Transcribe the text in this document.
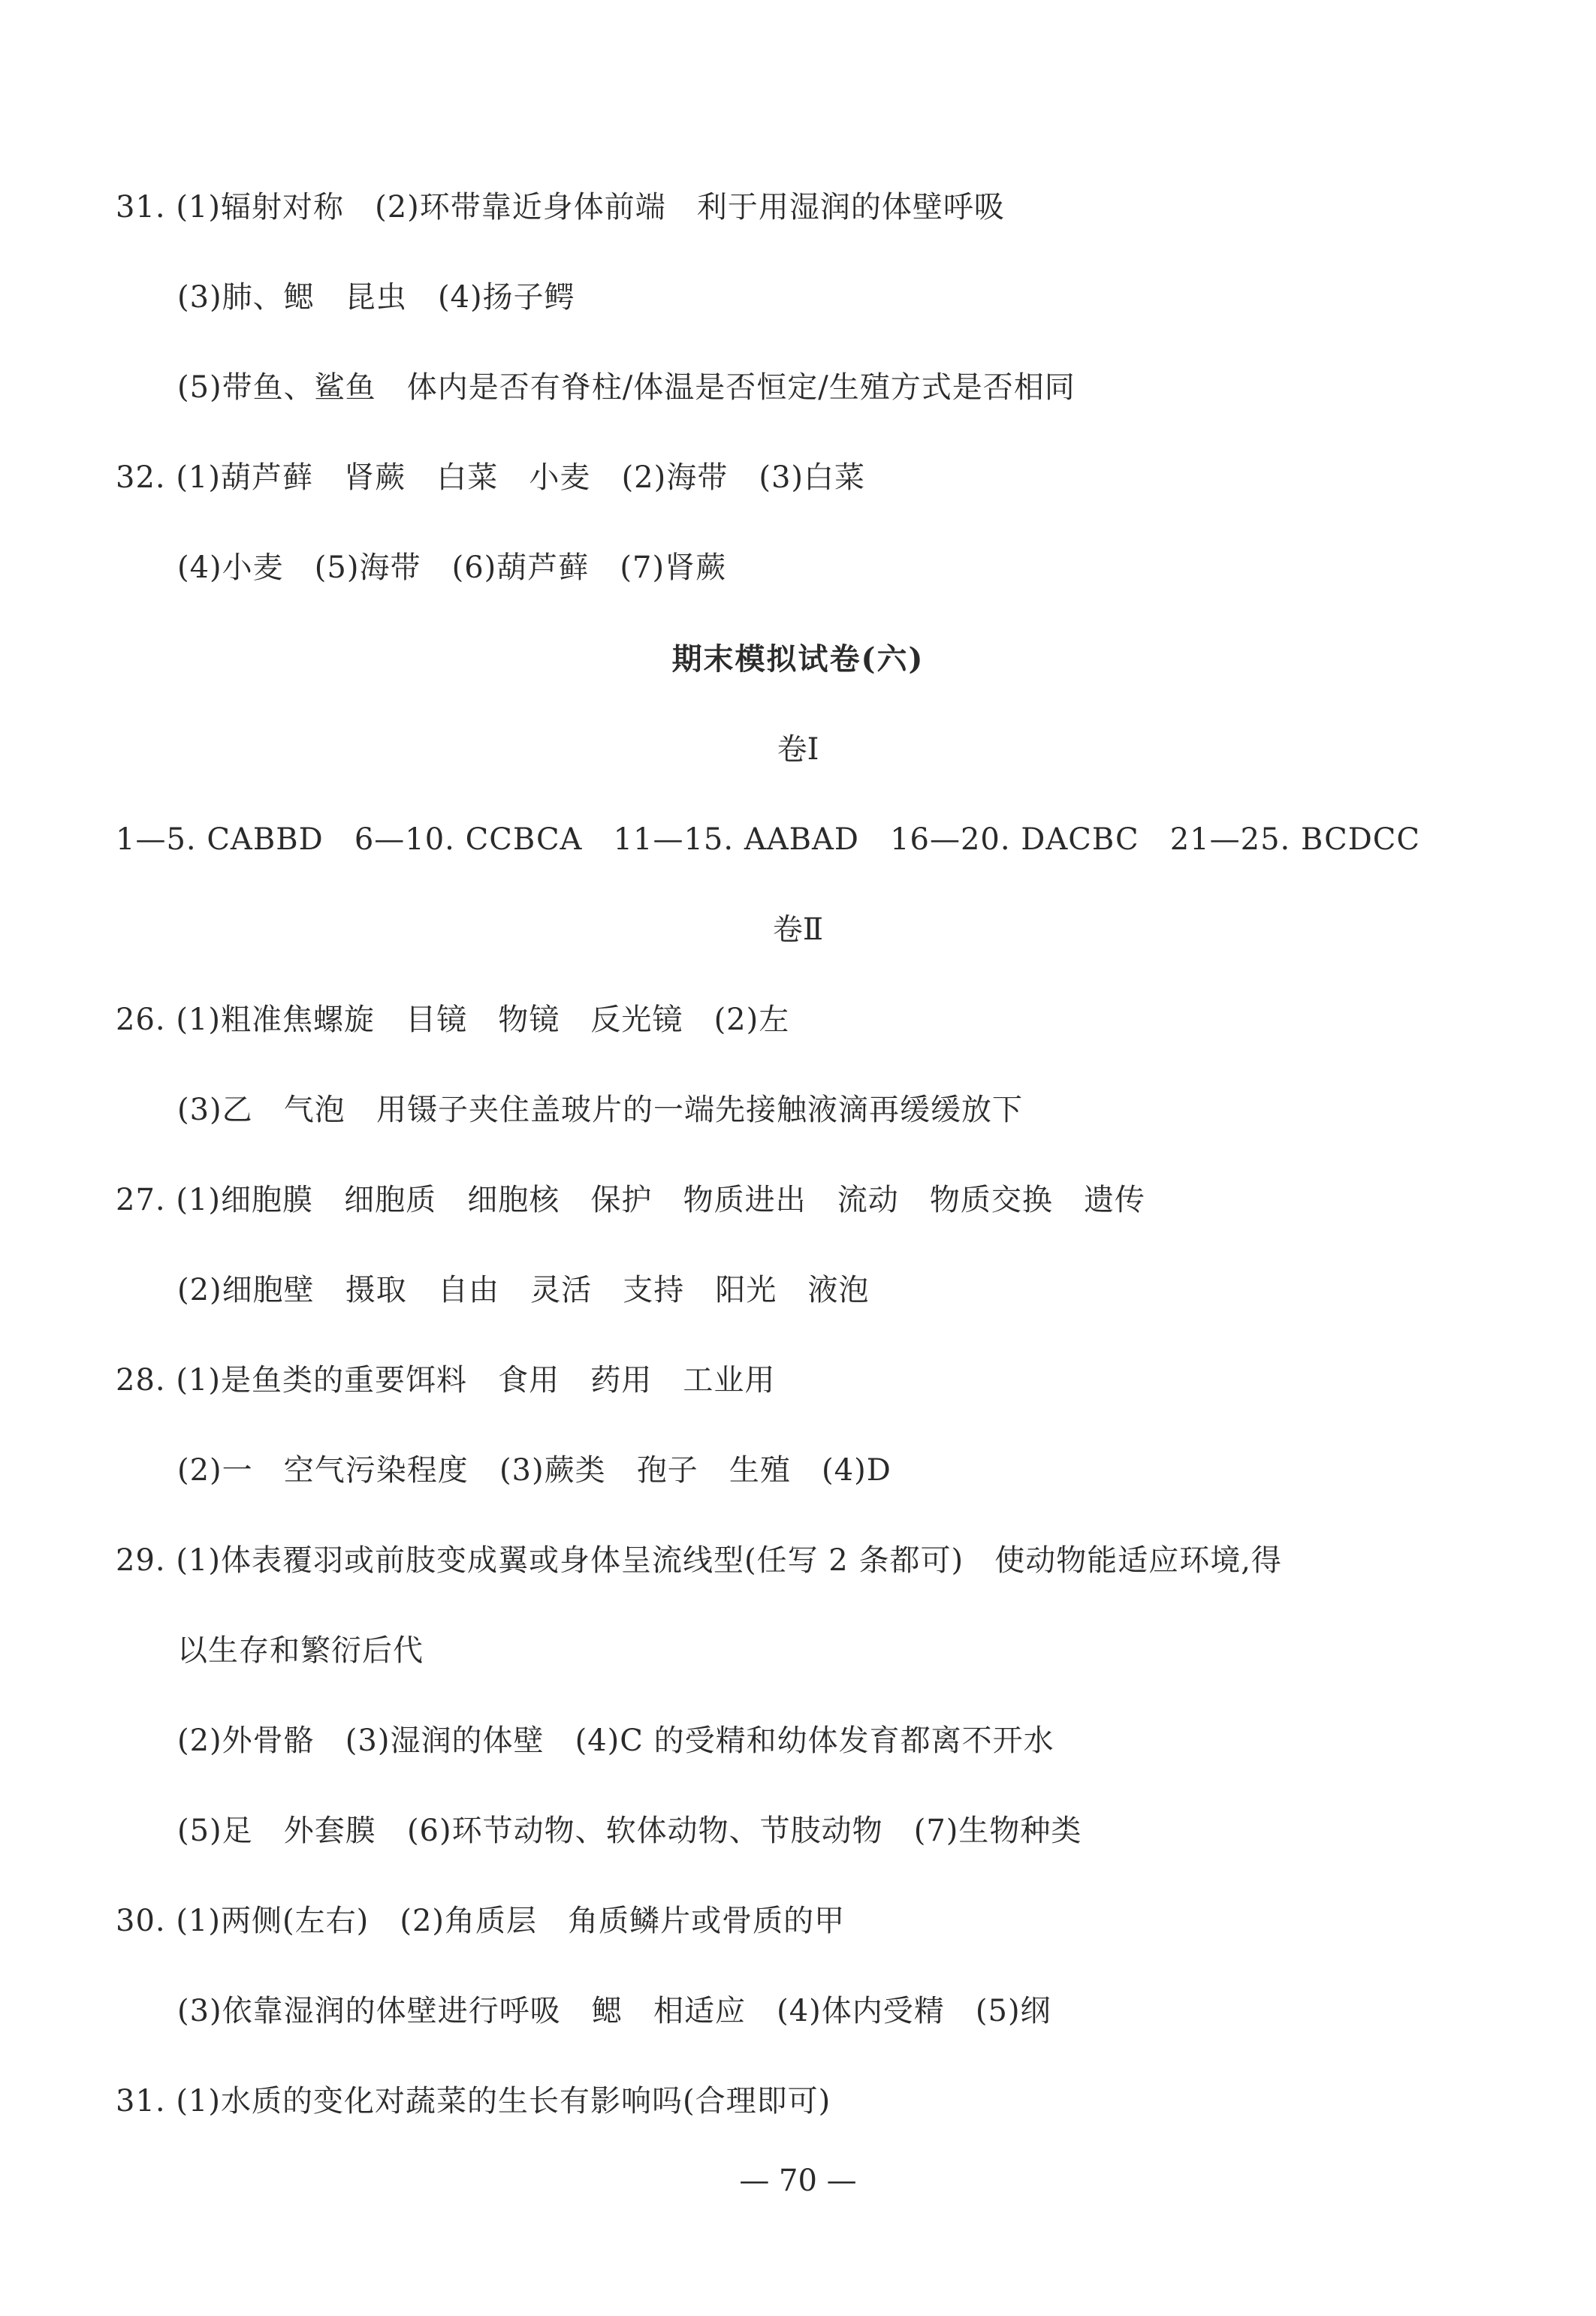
31. (1)辐射对称   (2)环带靠近身体前端   利于用湿润的体壁呼吸
(3)肺、鳃   昆虫   (4)扬子鳄
(5)带鱼、鲨鱼   体内是否有脊柱/体温是否恒定/生殖方式是否相同
32. (1)葫芦藓   肾蕨   白菜   小麦   (2)海带   (3)白菜
(4)小麦   (5)海带   (6)葫芦藓   (7)肾蕨
期末模拟试卷(六)
卷Ⅰ
1—5. CABBD   6—10. CCBCA   11—15. AABAD   16—20. DACBC   21—25. BCDCC
卷Ⅱ
26. (1)粗准焦螺旋   目镜   物镜   反光镜   (2)左
(3)乙   气泡   用镊子夹住盖玻片的一端先接触液滴再缓缓放下
27. (1)细胞膜   细胞质   细胞核   保护   物质进出   流动   物质交换   遗传
(2)细胞壁   摄取   自由   灵活   支持   阳光   液泡
28. (1)是鱼类的重要饵料   食用   药用   工业用
(2)一   空气污染程度   (3)蕨类   孢子   生殖   (4)D
29. (1)体表覆羽或前肢变成翼或身体呈流线型(任写 2 条都可)   使动物能适应环境,得
以生存和繁衍后代
(2)外骨骼   (3)湿润的体壁   (4)C 的受精和幼体发育都离不开水
(5)足   外套膜   (6)环节动物、软体动物、节肢动物   (7)生物种类
30. (1)两侧(左右)   (2)角质层   角质鳞片或骨质的甲
(3)依靠湿润的体壁进行呼吸   鳃   相适应   (4)体内受精   (5)纲
31. (1)水质的变化对蔬菜的生长有影响吗(合理即可)
— 70 —
